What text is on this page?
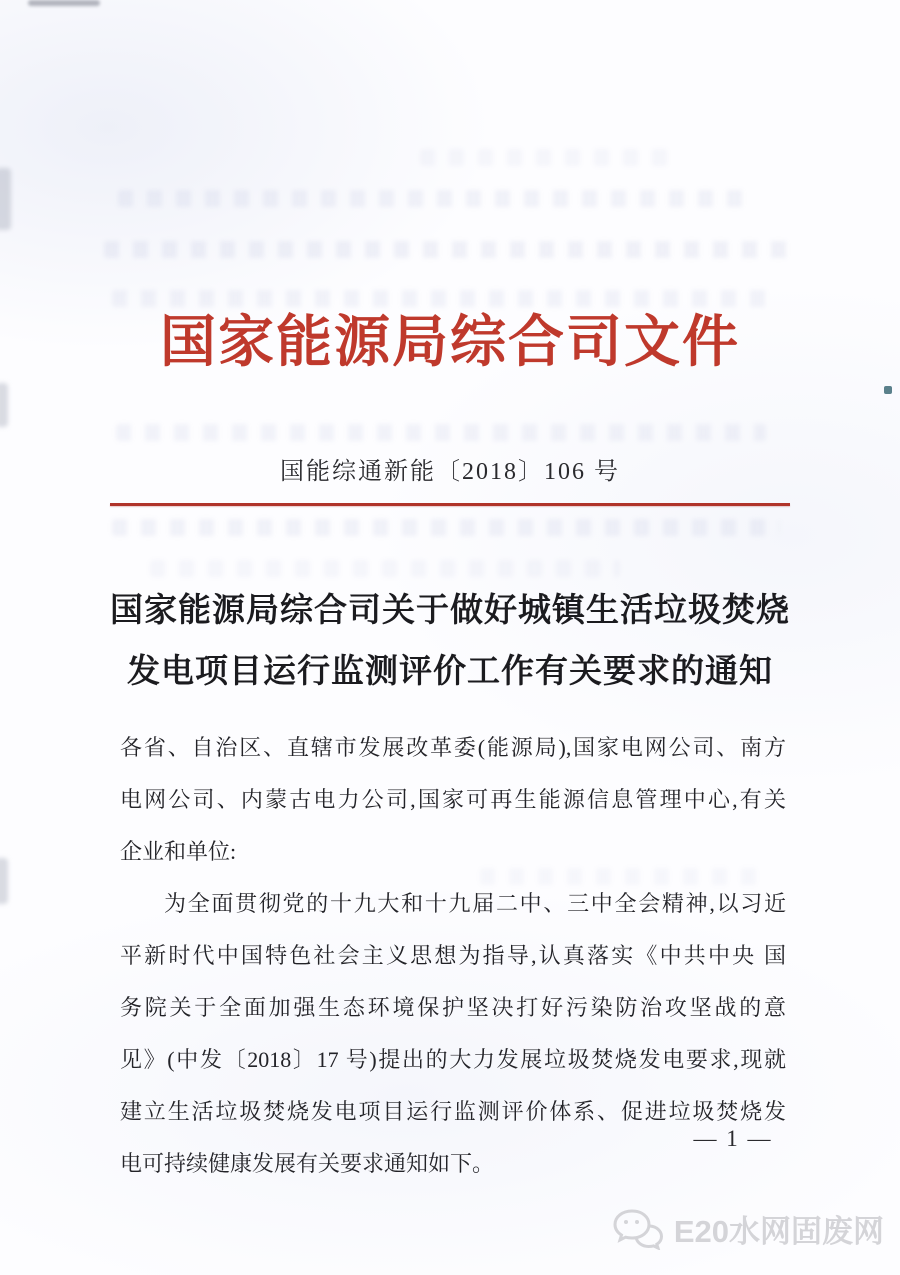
国家能源局综合司文件
国能综通新能〔2018〕106 号
国家能源局综合司关于做好城镇生活垃圾焚烧
发电项目运行监测评价工作有关要求的通知
各省、自治区、直辖市发展改革委(能源局),国家电网公司、南方
电网公司、内蒙古电力公司,国家可再生能源信息管理中心,有关
企业和单位:
为全面贯彻党的十九大和十九届二中、三中全会精神,以习近
平新时代中国特色社会主义思想为指导,认真落实《中共中央 国
务院关于全面加强生态环境保护坚决打好污染防治攻坚战的意
见》(中发〔2018〕17 号)提出的大力发展垃圾焚烧发电要求,现就
建立生活垃圾焚烧发电项目运行监测评价体系、促进垃圾焚烧发
电可持续健康发展有关要求通知如下。
— 1 —
E20水网固废网
